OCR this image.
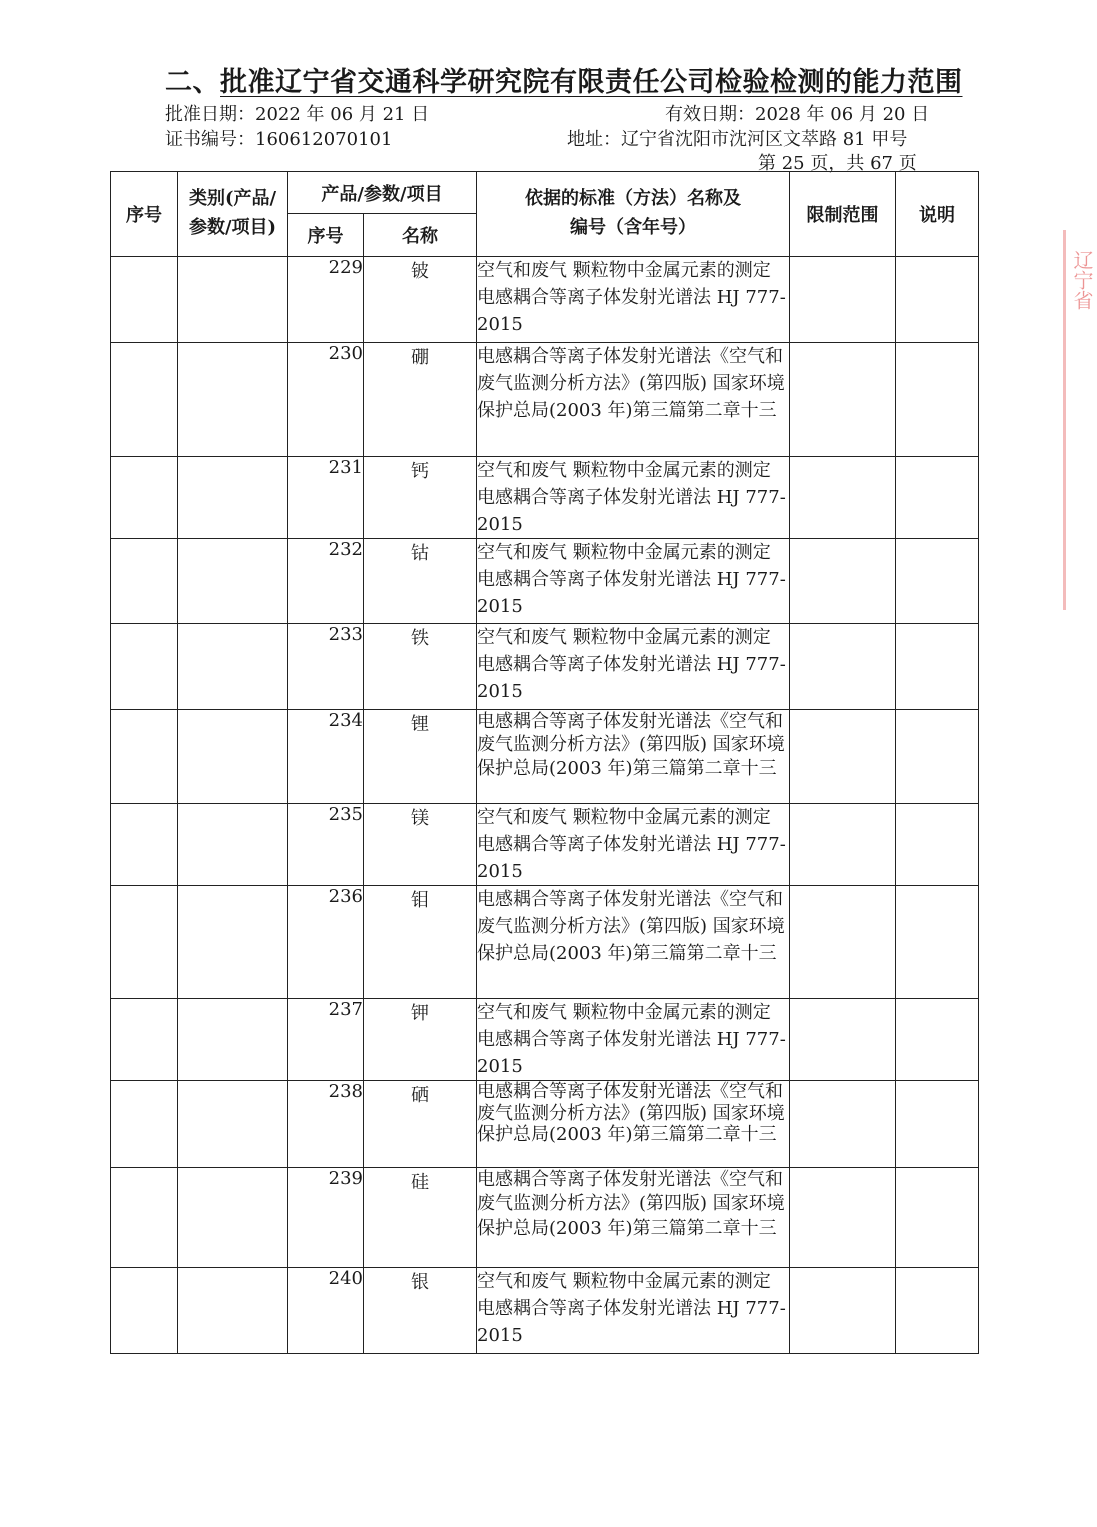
二、批准辽宁省交通科学研究院有限责任公司检验检测的能力范围
批准日期：2022 年 06 月 21 日	有效日期：2028 年 06 月 20 日
证书编号：160612070101	地址：辽宁省沈阳市沈河区文萃路 81 甲号
第 25 页，共 67 页
辽宁省
序号	类别(产品/参数/项目)	产品/参数/项目		依据的标准（方法）名称及编号（含年号）	限制范围	说明
		序号	名称			
		229	铍	空气和废气 颗粒物中金属元素的测定 电感耦合等离子体发射光谱法 HJ 777-2015		
		230	硼	电感耦合等离子体发射光谱法《空气和废气监测分析方法》(第四版) 国家环境保护总局(2003 年)第三篇第二章十三		
		231	钙	空气和废气 颗粒物中金属元素的测定 电感耦合等离子体发射光谱法 HJ 777-2015		
		232	钴	空气和废气 颗粒物中金属元素的测定 电感耦合等离子体发射光谱法 HJ 777-2015		
		233	铁	空气和废气 颗粒物中金属元素的测定 电感耦合等离子体发射光谱法 HJ 777-2015		
		234	锂	电感耦合等离子体发射光谱法《空气和废气监测分析方法》(第四版) 国家环境保护总局(2003 年)第三篇第二章十三		
		235	镁	空气和废气 颗粒物中金属元素的测定 电感耦合等离子体发射光谱法 HJ 777-2015		
		236	钼	电感耦合等离子体发射光谱法《空气和废气监测分析方法》(第四版) 国家环境保护总局(2003 年)第三篇第二章十三		
		237	钾	空气和废气 颗粒物中金属元素的测定 电感耦合等离子体发射光谱法 HJ 777-2015		
		238	硒	电感耦合等离子体发射光谱法《空气和废气监测分析方法》(第四版) 国家环境保护总局(2003 年)第三篇第二章十三		
		239	硅	电感耦合等离子体发射光谱法《空气和废气监测分析方法》(第四版) 国家环境保护总局(2003 年)第三篇第二章十三		
		240	银	空气和废气 颗粒物中金属元素的测定 电感耦合等离子体发射光谱法 HJ 777-2015		
